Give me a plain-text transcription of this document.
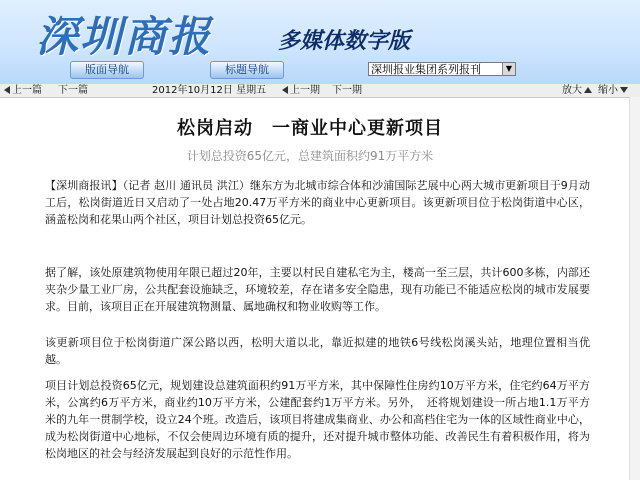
深圳商报	多媒体数字版
版面导航	标题导航	深圳报业集团系列报刊	▼
上一篇 下一篇	2012年10月12日 星期五	上一期 下一期	放大	缩小
松岗启动　一商业中心更新项目
计划总投资65亿元，总建筑面积约91万平方米

【深圳商报讯】（记者 赵川 通讯员 洪江）继东方为北城市综合体和沙浦国际艺展中心两大城市更新项目于9月动工后，松岗街道近日又启动了一处占地20.47万平方米的商业中心更新项目。该更新项目位于松岗街道中心区，涵盖松岗和花果山两个社区，项目计划总投资65亿元。

据了解，该处原建筑物使用年限已超过20年，主要以村民自建私宅为主，楼高一至三层，共计600多栋，内部还夹杂少量工业厂房，公共配套设施缺乏，环境较差，存在诸多安全隐患，现有功能已不能适应松岗的城市发展要求。目前，该项目正在开展建筑物测量、属地确权和物业收购等工作。

该更新项目位于松岗街道广深公路以西，松明大道以北，靠近拟建的地铁6号线松岗溪头站，地理位置相当优越。

项目计划总投资65亿元，规划建设总建筑面积约91万平方米，其中保障性住房约10万平方米，住宅约64万平方米，公寓约6万平方米，商业约10万平方米，公建配套约1万平方米。另外，　还将规划建设一所占地1.1万平方米的九年一贯制学校，设立24个班。改造后，该项目将建成集商业、办公和高档住宅为一体的区域性商业中心，成为松岗街道中心地标，不仅会使周边环境有质的提升，还对提升城市整体功能、改善民生有着积极作用，将为松岗地区的社会与经济发展起到良好的示范性作用。
